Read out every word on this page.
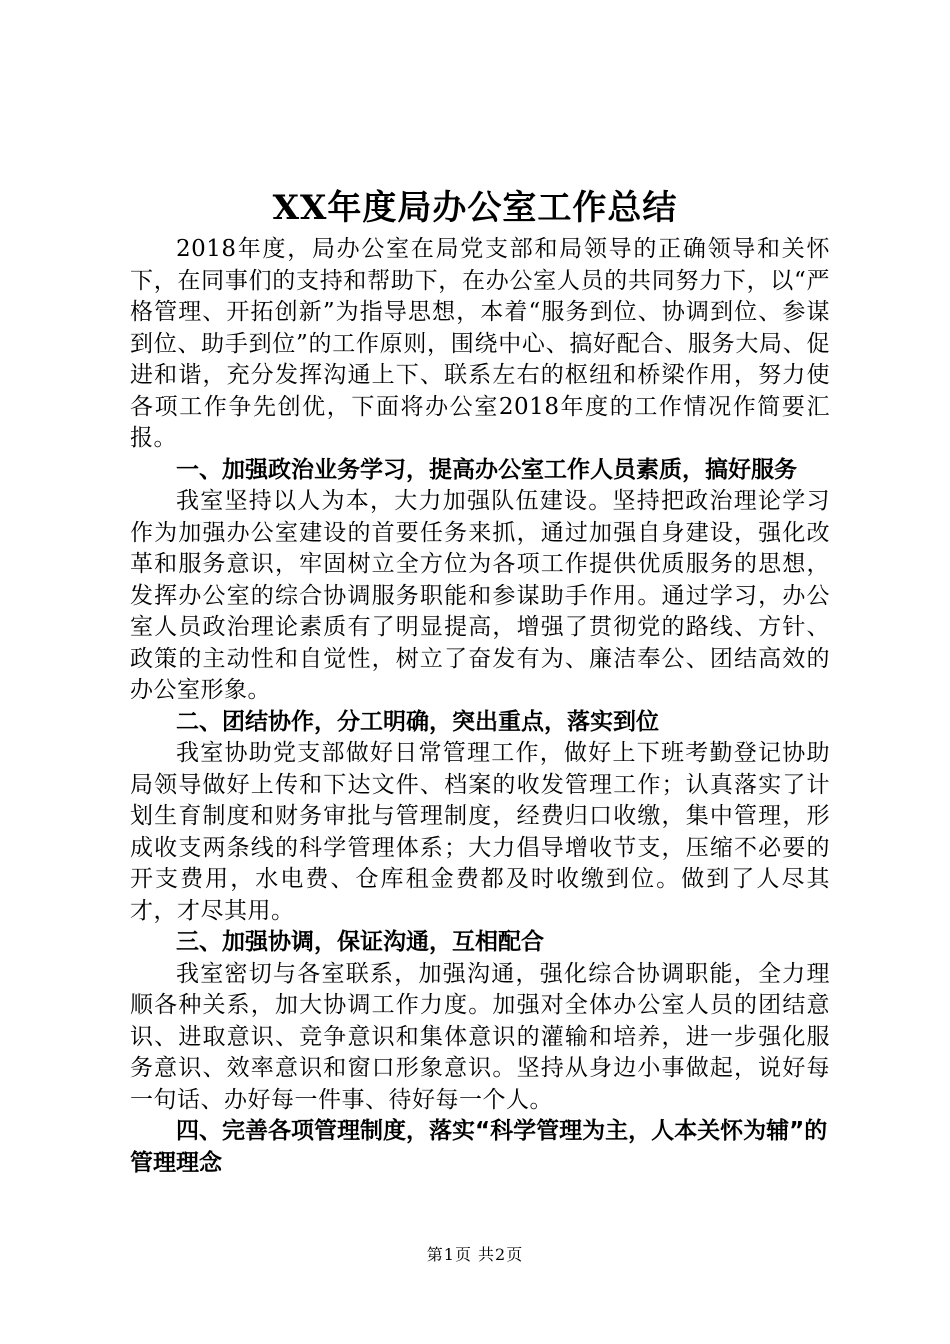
XX年度局办公室工作总结

2018年度，局办公室在局党支部和局领导的正确领导和关怀下，在同事们的支持和帮助下，在办公室人员的共同努力下，以“严格管理、开拓创新”为指导思想，本着“服务到位、协调到位、参谋到位、助手到位”的工作原则，围绕中心、搞好配合、服务大局、促进和谐，充分发挥沟通上下、联系左右的枢纽和桥梁作用，努力使各项工作争先创优，下面将办公室2018年度的工作情况作简要汇报。

一、加强政治业务学习，提高办公室工作人员素质，搞好服务

我室坚持以人为本，大力加强队伍建设。坚持把政治理论学习作为加强办公室建设的首要任务来抓，通过加强自身建设，强化改革和服务意识，牢固树立全方位为各项工作提供优质服务的思想，发挥办公室的综合协调服务职能和参谋助手作用。通过学习，办公室人员政治理论素质有了明显提高，增强了贯彻党的路线、方针、政策的主动性和自觉性，树立了奋发有为、廉洁奉公、团结高效的办公室形象。

二、团结协作，分工明确，突出重点，落实到位

我室协助党支部做好日常管理工作，做好上下班考勤登记协助局领导做好上传和下达文件、档案的收发管理工作；认真落实了计划生育制度和财务审批与管理制度，经费归口收缴，集中管理，形成收支两条线的科学管理体系；大力倡导增收节支，压缩不必要的开支费用，水电费、仓库租金费都及时收缴到位。做到了人尽其才，才尽其用。

三、加强协调，保证沟通，互相配合

我室密切与各室联系，加强沟通，强化综合协调职能，全力理顺各种关系，加大协调工作力度。加强对全体办公室人员的团结意识、进取意识、竞争意识和集体意识的灌输和培养，进一步强化服务意识、效率意识和窗口形象意识。坚持从身边小事做起，说好每一句话、办好每一件事、待好每一个人。

四、完善各项管理制度，落实“科学管理为主，人本关怀为辅”的管理理念

第1页 共2页
